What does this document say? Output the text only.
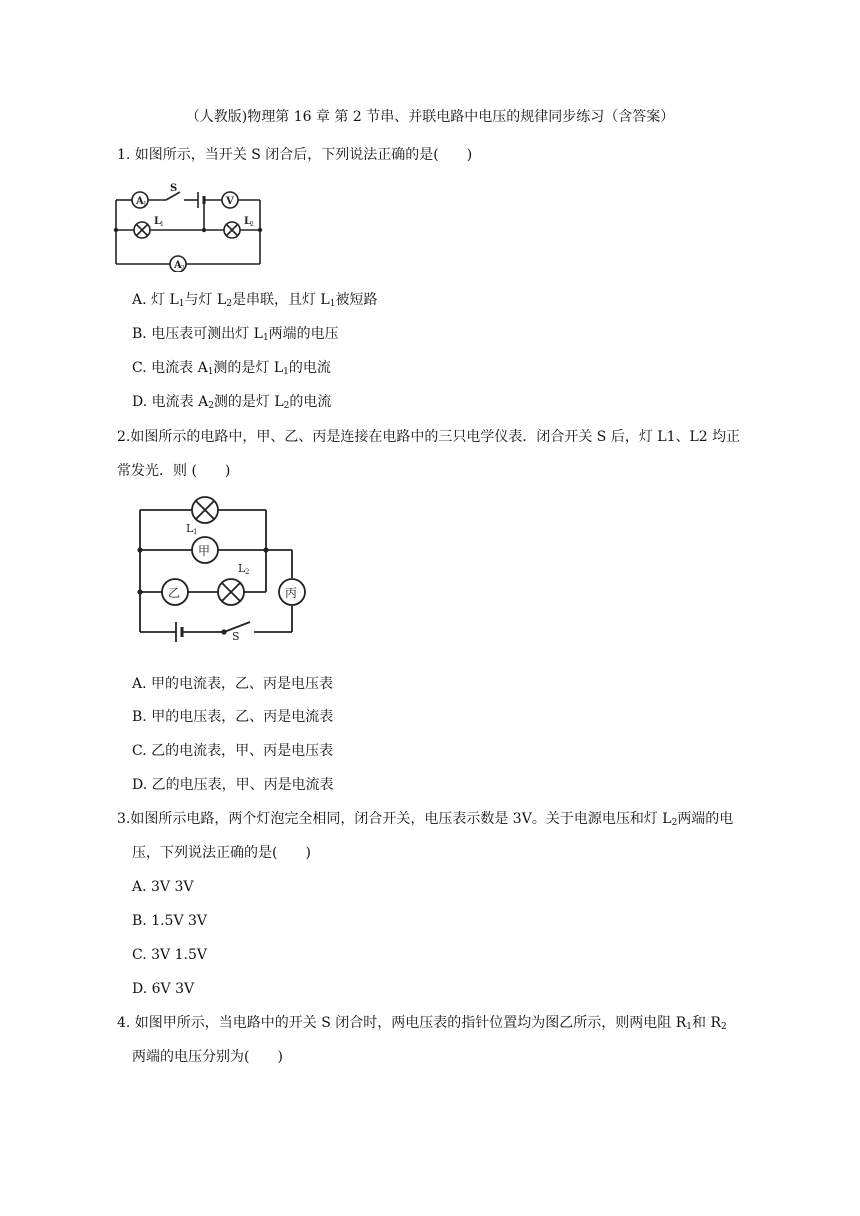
（人教版)物理第 16 章 第 2 节串、并联电路中电压的规律同步练习（含答案）
1. 如图所示，当开关 S 闭合后，下列说法正确的是(　　)
A 1
S
V
L
1	L
2
A 2
A. 灯 $L_1$与灯 $L_2$是串联，且灯 $L_1$被短路
B. 电压表可测出灯 $L_1$两端的电压
C. 电流表 $A_1$测的是灯 $L_1$的电流
D. 电流表 $A_2$测的是灯 $L_2$的电流
2.如图所示的电路中，甲、乙、丙是连接在电路中的三只电学仪表．闭合开关 S 后，灯 L1、L2 均正
常发光．则 (　　)
甲
乙	丙
L 1
L 2
S
A. 甲的电流表，乙、丙是电压表
B. 甲的电压表，乙、丙是电流表
C. 乙的电流表，甲、丙是电压表
D. 乙的电压表，甲、丙是电流表
3.如图所示电路，两个灯泡完全相同，闭合开关，电压表示数是 3V。关于电源电压和灯 $L_2$两端的电
压，下列说法正确的是(　　)
A. 3V 3V
B. 1.5V 3V
C. 3V 1.5V
D. 6V 3V
4. 如图甲所示，当电路中的开关 S 闭合时，两电压表的指针位置均为图乙所示，则两电阻 $R_1$和 $R_2$
两端的电压分别为(　　)
